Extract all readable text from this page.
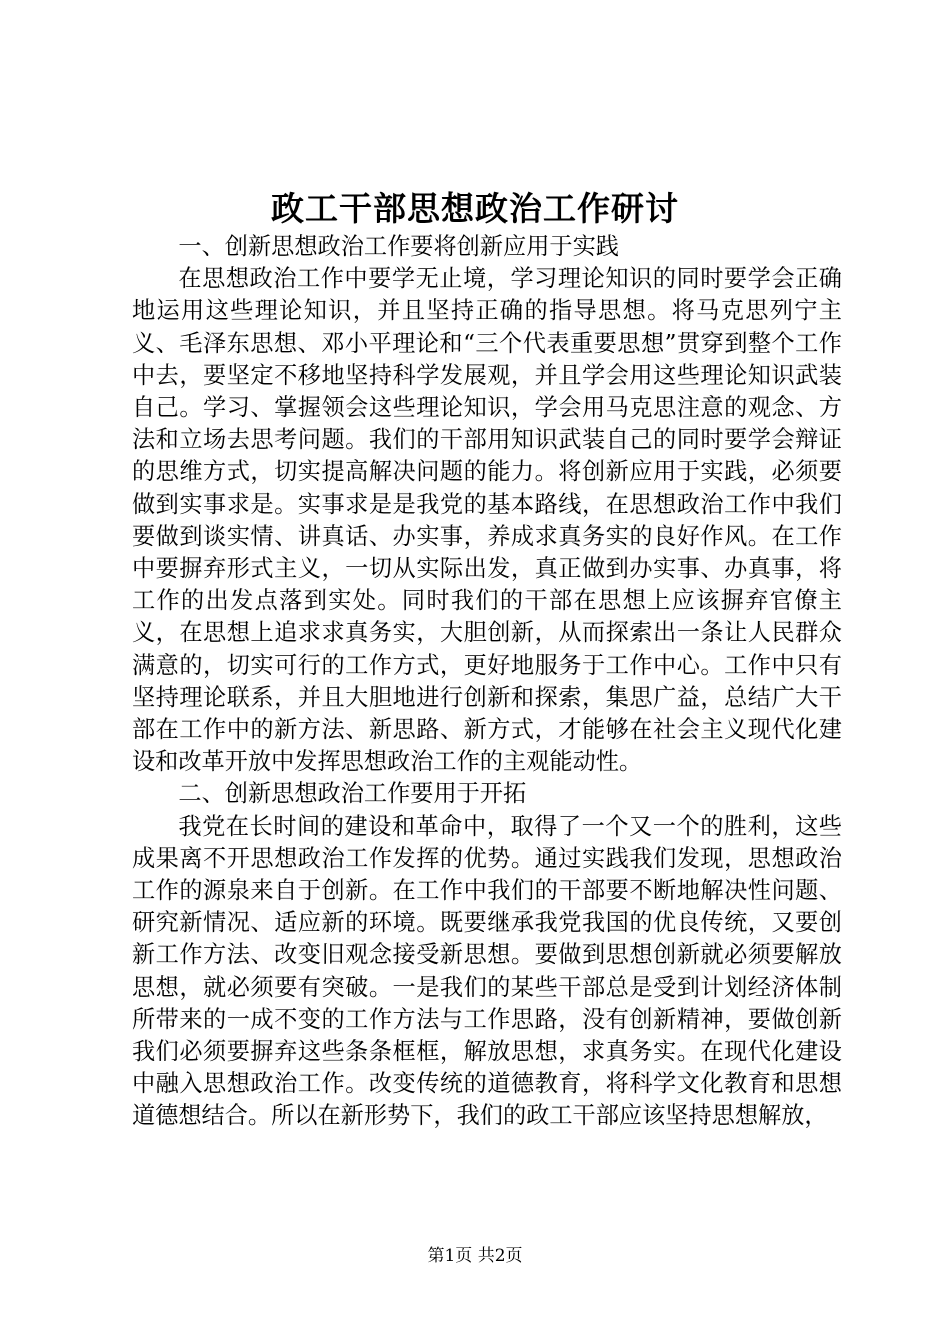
政工干部思想政治工作研讨

一、创新思想政治工作要将创新应用于实践

在思想政治工作中要学无止境，学习理论知识的同时要学会正确地运用这些理论知识，并且坚持正确的指导思想。将马克思列宁主义、毛泽东思想、邓小平理论和“三个代表重要思想”贯穿到整个工作中去，要坚定不移地坚持科学发展观，并且学会用这些理论知识武装自己。学习、掌握领会这些理论知识，学会用马克思注意的观念、方法和立场去思考问题。我们的干部用知识武装自己的同时要学会辩证的思维方式，切实提高解决问题的能力。将创新应用于实践，必须要做到实事求是。实事求是是我党的基本路线，在思想政治工作中我们要做到谈实情、讲真话、办实事，养成求真务实的良好作风。在工作中要摒弃形式主义，一切从实际出发，真正做到办实事、办真事，将工作的出发点落到实处。同时我们的干部在思想上应该摒弃官僚主义，在思想上追求求真务实，大胆创新，从而探索出一条让人民群众满意的，切实可行的工作方式，更好地服务于工作中心。工作中只有坚持理论联系，并且大胆地进行创新和探索，集思广益，总结广大干部在工作中的新方法、新思路、新方式，才能够在社会主义现代化建设和改革开放中发挥思想政治工作的主观能动性。

二、创新思想政治工作要用于开拓

我党在长时间的建设和革命中，取得了一个又一个的胜利，这些成果离不开思想政治工作发挥的优势。通过实践我们发现，思想政治工作的源泉来自于创新。在工作中我们的干部要不断地解决性问题、研究新情况、适应新的环境。既要继承我党我国的优良传统，又要创新工作方法、改变旧观念接受新思想。要做到思想创新就必须要解放思想，就必须要有突破。一是我们的某些干部总是受到计划经济体制所带来的一成不变的工作方法与工作思路，没有创新精神，要做创新我们必须要摒弃这些条条框框，解放思想，求真务实。在现代化建设中融入思想政治工作。改变传统的道德教育，将科学文化教育和思想道德想结合。所以在新形势下，我们的政工干部应该坚持思想解放，

第1页 共2页
